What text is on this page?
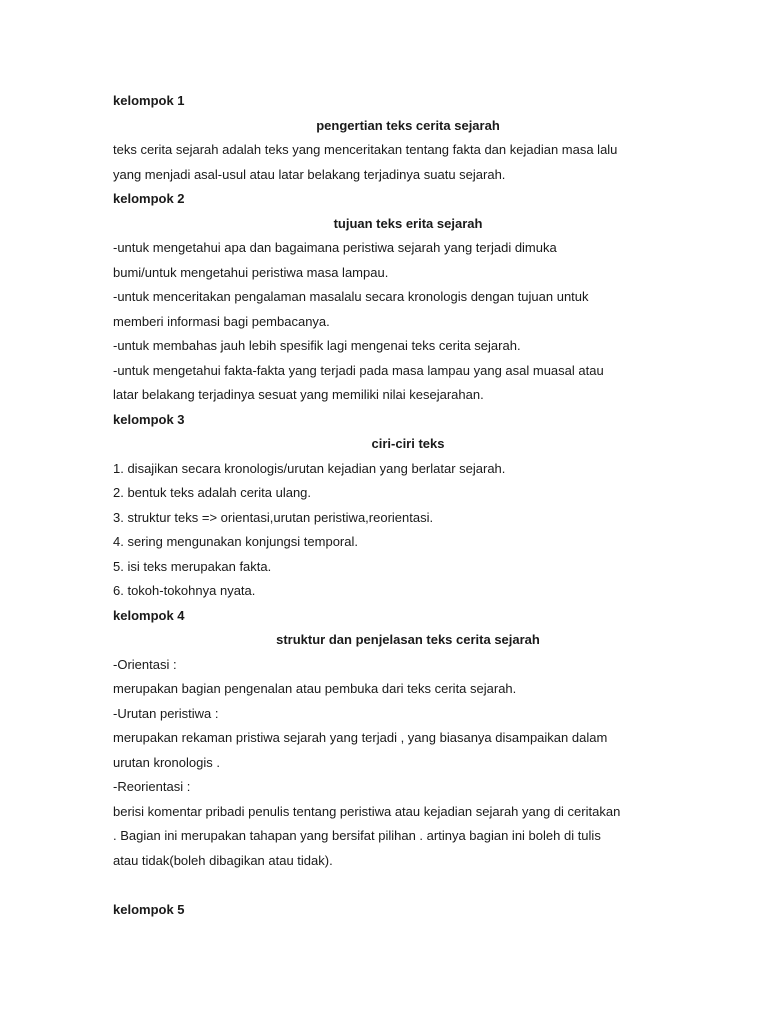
kelompok 1
pengertian teks cerita sejarah
teks cerita sejarah adalah teks yang menceritakan tentang fakta dan kejadian masa lalu
yang menjadi asal-usul atau latar belakang terjadinya suatu sejarah.
kelompok 2
tujuan teks erita sejarah
-untuk mengetahui apa dan bagaimana peristiwa sejarah yang terjadi dimuka
bumi/untuk mengetahui peristiwa masa lampau.
-untuk menceritakan pengalaman masalalu secara kronologis dengan tujuan untuk
memberi informasi bagi pembacanya.
-untuk membahas jauh lebih spesifik lagi mengenai teks cerita sejarah.
-untuk mengetahui fakta-fakta yang terjadi pada masa lampau yang asal muasal atau
latar belakang terjadinya sesuat yang memiliki nilai kesejarahan.
kelompok 3
ciri-ciri teks
1. disajikan secara kronologis/urutan kejadian yang berlatar sejarah.
2. bentuk teks adalah cerita ulang.
3. struktur teks => orientasi,urutan peristiwa,reorientasi.
4. sering mengunakan konjungsi temporal.
5. isi teks merupakan fakta.
6. tokoh-tokohnya nyata.
kelompok 4
struktur dan penjelasan teks cerita sejarah
-Orientasi :
merupakan bagian pengenalan atau pembuka dari teks cerita sejarah.
-Urutan peristiwa :
merupakan rekaman pristiwa sejarah yang terjadi , yang biasanya disampaikan dalam
urutan kronologis .
-Reorientasi :
berisi komentar pribadi penulis tentang peristiwa atau kejadian sejarah yang di ceritakan
. Bagian ini merupakan tahapan yang bersifat pilihan . artinya bagian ini boleh di tulis
atau tidak(boleh dibagikan atau tidak).
kelompok 5
